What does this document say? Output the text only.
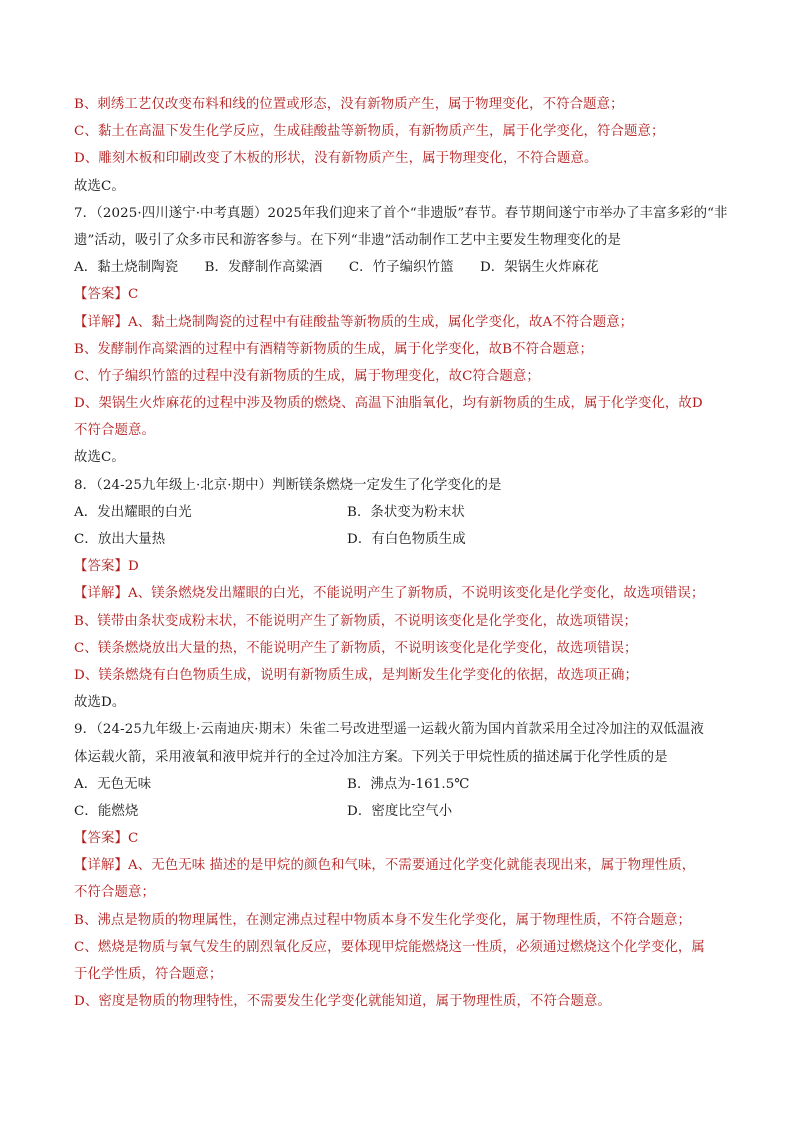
B、刺绣工艺仅改变布料和线的位置或形态，没有新物质产生，属于物理变化，不符合题意；
C、黏土在高温下发生化学反应，生成硅酸盐等新物质，有新物质产生，属于化学变化，符合题意；
D、雕刻木板和印刷改变了木板的形状，没有新物质产生，属于物理变化，不符合题意。
故选C。
7．（2025·四川遂宁·中考真题）2025年我们迎来了首个“非遗版”春节。春节期间遂宁市举办了丰富多彩的“非
遗”活动，吸引了众多市民和游客参与。在下列“非遗”活动制作工艺中主要发生物理变化的是
A．黏土烧制陶瓷 B．发酵制作高粱酒 C．竹子编织竹篮 D．架锅生火炸麻花
【答案】C
【详解】A、黏土烧制陶瓷的过程中有硅酸盐等新物质的生成，属化学变化，故A不符合题意；
B、发酵制作高粱酒的过程中有酒精等新物质的生成，属于化学变化，故B不符合题意；
C、竹子编织竹篮的过程中没有新物质的生成，属于物理变化，故C符合题意；
D、架锅生火炸麻花的过程中涉及物质的燃烧、高温下油脂氧化，均有新物质的生成，属于化学变化，故D
不符合题意。
故选C。
8．（24-25九年级上·北京·期中）判断镁条燃烧一定发生了化学变化的是
A．发出耀眼的白光	B．条状变为粉末状
C．放出大量热	D．有白色物质生成
【答案】D
【详解】A、镁条燃烧发出耀眼的白光，不能说明产生了新物质，不说明该变化是化学变化，故选项错误；
B、镁带由条状变成粉末状，不能说明产生了新物质，不说明该变化是化学变化，故选项错误；
C、镁条燃烧放出大量的热，不能说明产生了新物质，不说明该变化是化学变化，故选项错误；
D、镁条燃烧有白色物质生成，说明有新物质生成，是判断发生化学变化的依据，故选项正确；
故选D。
9．（24-25九年级上·云南迪庆·期末）朱雀二号改进型遥一运载火箭为国内首款采用全过冷加注的双低温液
体运载火箭，采用液氧和液甲烷并行的全过冷加注方案。下列关于甲烷性质的描述属于化学性质的是
A．无色无味	B．沸点为-161.5℃
C．能燃烧	D．密度比空气小
【答案】C
【详解】A、无色无味 描述的是甲烷的颜色和气味，不需要通过化学变化就能表现出来，属于物理性质，
不符合题意；
B、沸点是物质的物理属性，在测定沸点过程中物质本身不发生化学变化，属于物理性质，不符合题意；
C、燃烧是物质与氧气发生的剧烈氧化反应，要体现甲烷能燃烧这一性质，必须通过燃烧这个化学变化，属
于化学性质，符合题意；
D、密度是物质的物理特性，不需要发生化学变化就能知道，属于物理性质，不符合题意。
